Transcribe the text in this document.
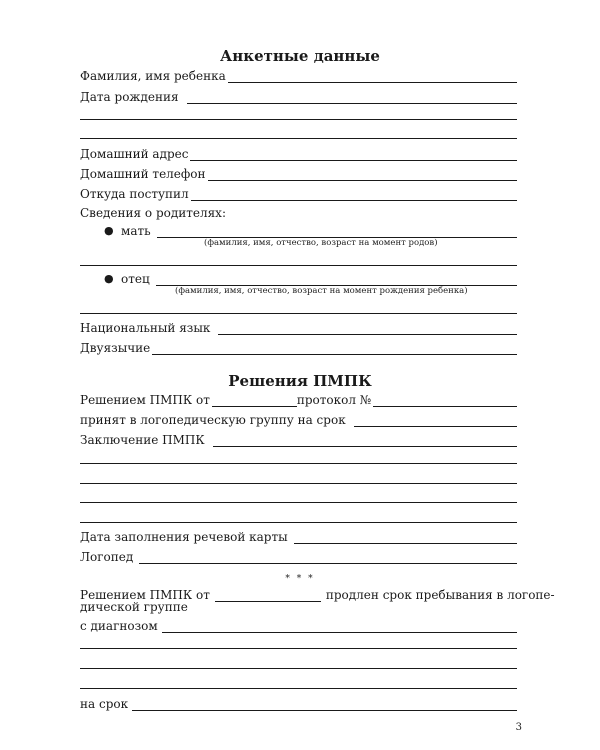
Анкетные данные
Фамилия, имя ребенка
Дата рождения
Домашний адрес
Домашний телефон
Откуда поступил
Сведения о родителях:
● мать
(фамилия, имя, отчество, возраст на момент родов)
● отец
(фамилия, имя, отчество, возраст на момент рождения ребенка)
Национальный язык
Двуязычие
Решения ПМПК
Решением ПМПК от	протокол №
принят в логопедическую группу на срок
Заключение ПМПК
Дата заполнения речевой карты
Логопед
* * *
Решением ПМПК от	продлен срок пребывания в логопе-
дической группе
с диагнозом
на срок
3
